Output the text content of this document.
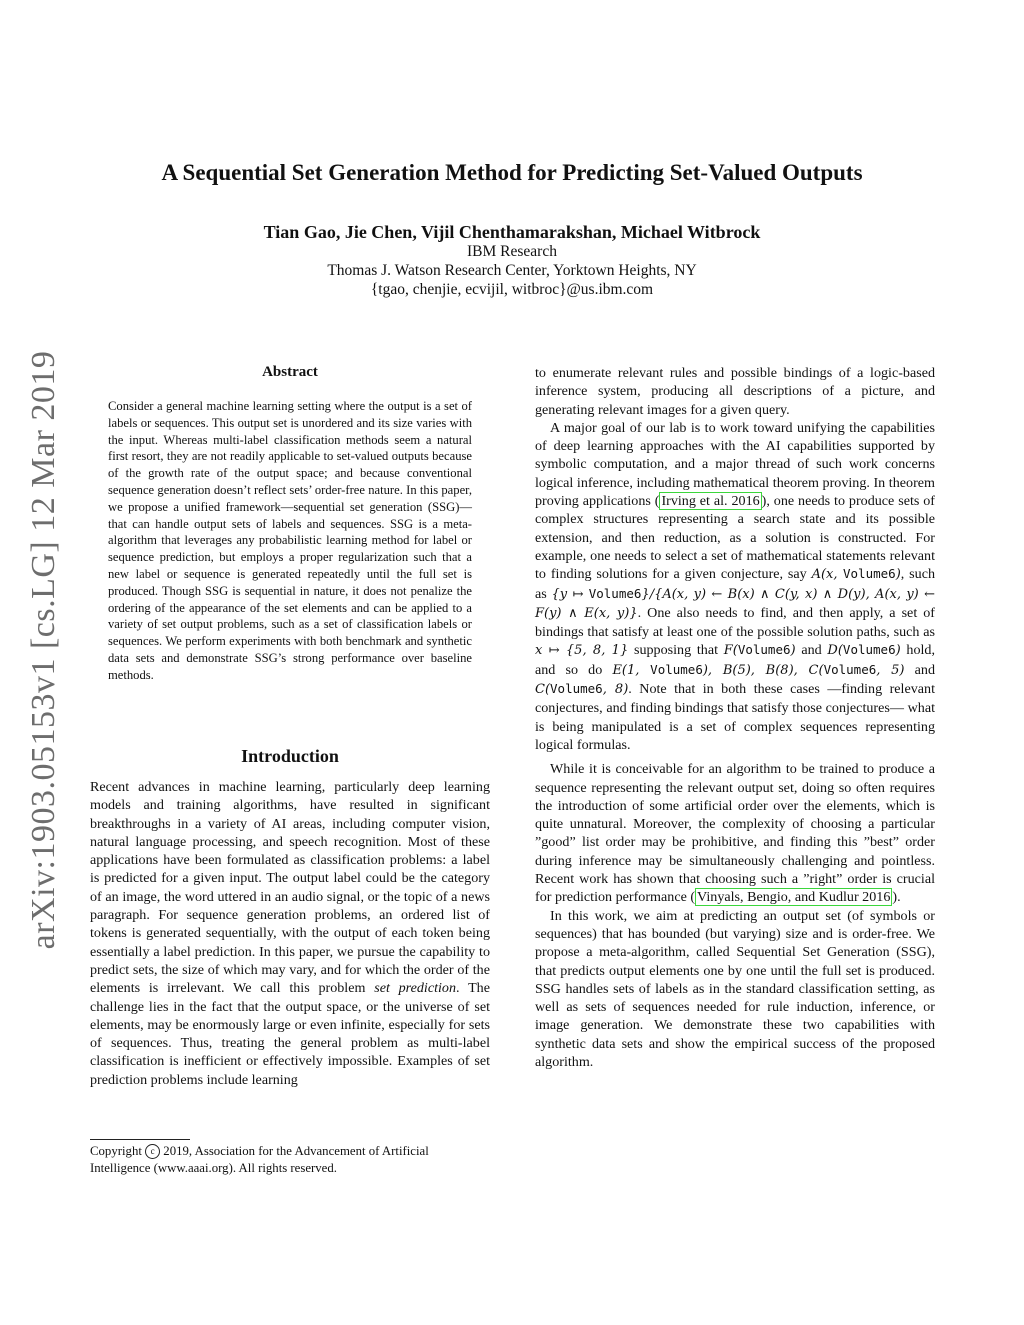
arXiv:1903.05153v1 [cs.LG] 12 Mar 2019
A Sequential Set Generation Method for Predicting Set-Valued Outputs
Tian Gao, Jie Chen, Vijil Chenthamarakshan, Michael Witbrock
IBM Research
Thomas J. Watson Research Center, Yorktown Heights, NY
{tgao, chenjie, ecvijil, witbroc}@us.ibm.com
Abstract
Consider a general machine learning setting where the output is a set of labels or sequences. This output set is unordered and its size varies with the input. Whereas multi-label classification methods seem a natural first resort, they are not readily applicable to set-valued outputs because of the growth rate of the output space; and because conventional sequence generation doesn’t reflect sets’ order-free nature. In this paper, we propose a unified framework—sequential set generation (SSG)—that can handle output sets of labels and sequences. SSG is a meta-algorithm that leverages any probabilistic learning method for label or sequence prediction, but employs a proper regularization such that a new label or sequence is generated repeatedly until the full set is produced. Though SSG is sequential in nature, it does not penalize the ordering of the appearance of the set elements and can be applied to a variety of set output problems, such as a set of classification labels or sequences. We perform experiments with both benchmark and synthetic data sets and demonstrate SSG’s strong performance over baseline methods.
Introduction

Recent advances in machine learning, particularly deep learning models and training algorithms, have resulted in significant breakthroughs in a variety of AI areas, including computer vision, natural language processing, and speech recognition. Most of these applications have been formulated as classification problems: a label is predicted for a given input. The output label could be the category of an image, the word uttered in an audio signal, or the topic of a news paragraph. For sequence generation problems, an ordered list of tokens is generated sequentially, with the output of each token being essentially a label prediction. In this paper, we pursue the capability to predict sets, the size of which may vary, and for which the order of the elements is irrelevant. We call this problem set prediction. The challenge lies in the fact that the output space, or the universe of set elements, may be enormously large or even infinite, especially for sets of sequences. Thus, treating the general problem as multi-label classification is inefficient or effectively impossible. Examples of set prediction problems include learning

Copyright c 2019, Association for the Advancement of Artificial Intelligence (www.aaai.org). All rights reserved.

to enumerate relevant rules and possible bindings of a logic-based inference system, producing all descriptions of a picture, and generating relevant images for a given query.

A major goal of our lab is to work toward unifying the capabilities of deep learning approaches with the AI capabilities supported by symbolic computation, and a major thread of such work concerns logical inference, including mathematical theorem proving. In theorem proving applications ( Irving et al. 2016 ), one needs to produce sets of complex structures representing a search state and its possible extension, and then reduction, as a solution is constructed. For example, one needs to select a set of mathematical statements relevant to finding solutions for a given conjecture, say A(x, Volume6), such as {y ↦ Volume6}/{A(x, y) ← B(x) ∧ C(y, x) ∧ D(y), A(x, y) ← F(y) ∧ E(x, y)}. One also needs to find, and then apply, a set of bindings that satisfy at least one of the possible solution paths, such as x ↦ {5, 8, 1} supposing that F(Volume6) and D(Volume6) hold, and so do E(1, Volume6), B(5), B(8), C(Volume6, 5) and C(Volume6, 8). Note that in both these cases —finding relevant conjectures, and finding bindings that satisfy those conjectures— what is being manipulated is a set of complex sequences representing logical formulas.

While it is conceivable for an algorithm to be trained to produce a sequence representing the relevant output set, doing so often requires the introduction of some artificial order over the elements, which is quite unnatural. Moreover, the complexity of choosing a particular ”good” list order may be prohibitive, and finding this ”best” order during inference may be simultaneously challenging and pointless. Recent work has shown that choosing such a ”right” order is crucial for prediction performance ( Vinyals, Bengio, and Kudlur 2016 ).

In this work, we aim at predicting an output set (of symbols or sequences) that has bounded (but varying) size and is order-free. We propose a meta-algorithm, called Sequential Set Generation (SSG), that predicts output elements one by one until the full set is produced. SSG handles sets of labels as in the standard classification setting, as well as sets of sequences needed for rule induction, inference, or image generation. We demonstrate these two capabilities with synthetic data sets and show the empirical success of the proposed algorithm.
